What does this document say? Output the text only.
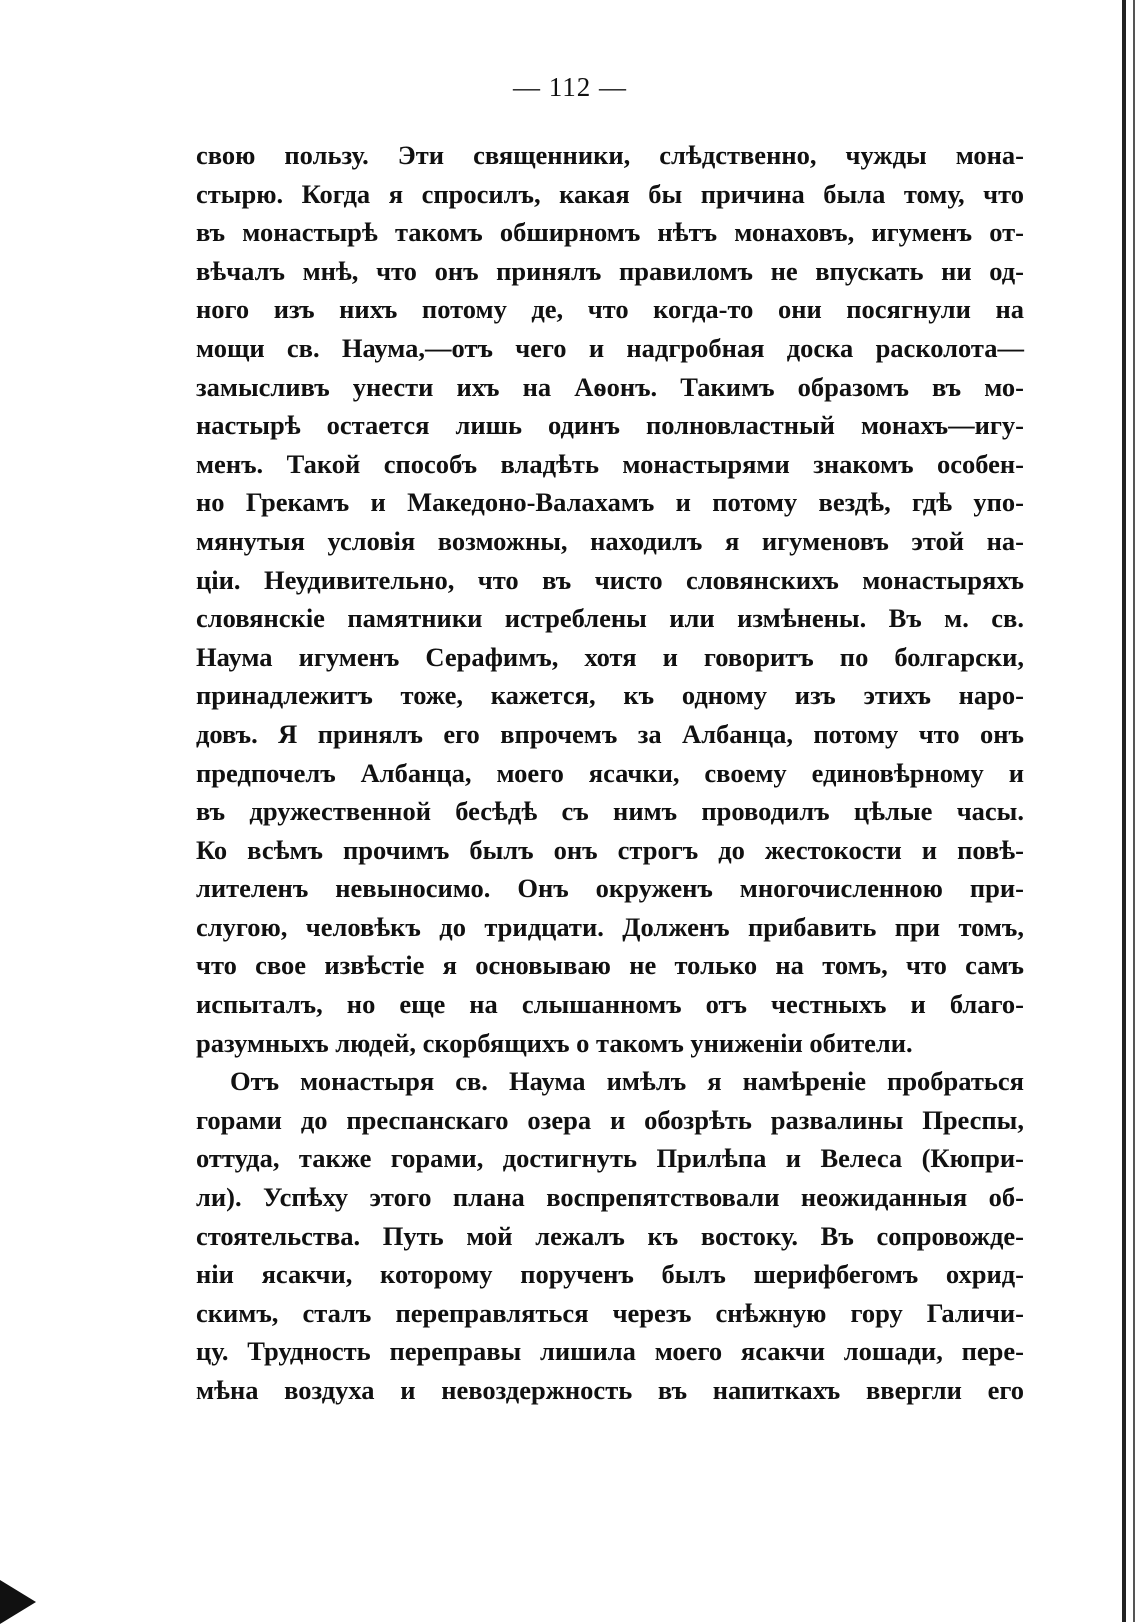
— 112 —
свою пользу. Эти священники, слѣдственно, чужды мона-
стырю. Когда я спросилъ, какая бы причина была тому, что
въ монастырѣ такомъ обширномъ нѣтъ монаховъ, игуменъ от-
вѣчалъ мнѣ, что онъ принялъ правиломъ не впускать ни од-
ного изъ нихъ потому де, что когда-то они посягнули на
мощи св. Наума,—отъ чего и надгробная доска расколота—
замысливъ унести ихъ на Аѳонъ. Такимъ образомъ въ мо-
настырѣ остается лишь одинъ полновластный монахъ—игу-
менъ. Такой способъ владѣть монастырями знакомъ особен-
но Грекамъ и Македоно-Валахамъ и потому вездѣ, гдѣ упо-
мянутыя условія возможны, находилъ я игуменовъ этой на-
ціи. Неудивительно, что въ чисто словянскихъ монастыряхъ
словянскіе памятники истреблены или измѣнены. Въ м. св.
Наума игуменъ Серафимъ, хотя и говоритъ по болгарски,
принадлежитъ тоже, кажется, къ одному изъ этихъ наро-
довъ. Я принялъ его впрочемъ за Албанца, потому что онъ
предпочелъ Албанца, моего ясачки, своему единовѣрному и
въ дружественной бесѣдѣ съ нимъ проводилъ цѣлые часы.
Ко всѣмъ прочимъ былъ онъ строгъ до жестокости и повѣ-
лителенъ невыносимо. Онъ окруженъ многочисленною при-
слугою, человѣкъ до тридцати. Долженъ прибавить при томъ,
что свое извѣстіе я основываю не только на томъ, что самъ
испыталъ, но еще на слышанномъ отъ честныхъ и благо-
разумныхъ людей, скорбящихъ о такомъ униженіи обители.
Отъ монастыря св. Наума имѣлъ я намѣреніе пробраться
горами до преспанскаго озера и обозрѣть развалины Преспы,
оттуда, также горами, достигнуть Прилѣпа и Велеса (Кюпри-
ли). Успѣху этого плана воспрепятствовали неожиданныя об-
стоятельства. Путь мой лежалъ къ востоку. Въ сопровожде-
ніи ясакчи, которому порученъ былъ шерифбегомъ охрид-
скимъ, сталъ переправляться черезъ снѣжную гору Галичи-
цу. Трудность переправы лишила моего ясакчи лошади, пере-
мѣна воздуха и невоздержность въ напиткахъ ввергли его
